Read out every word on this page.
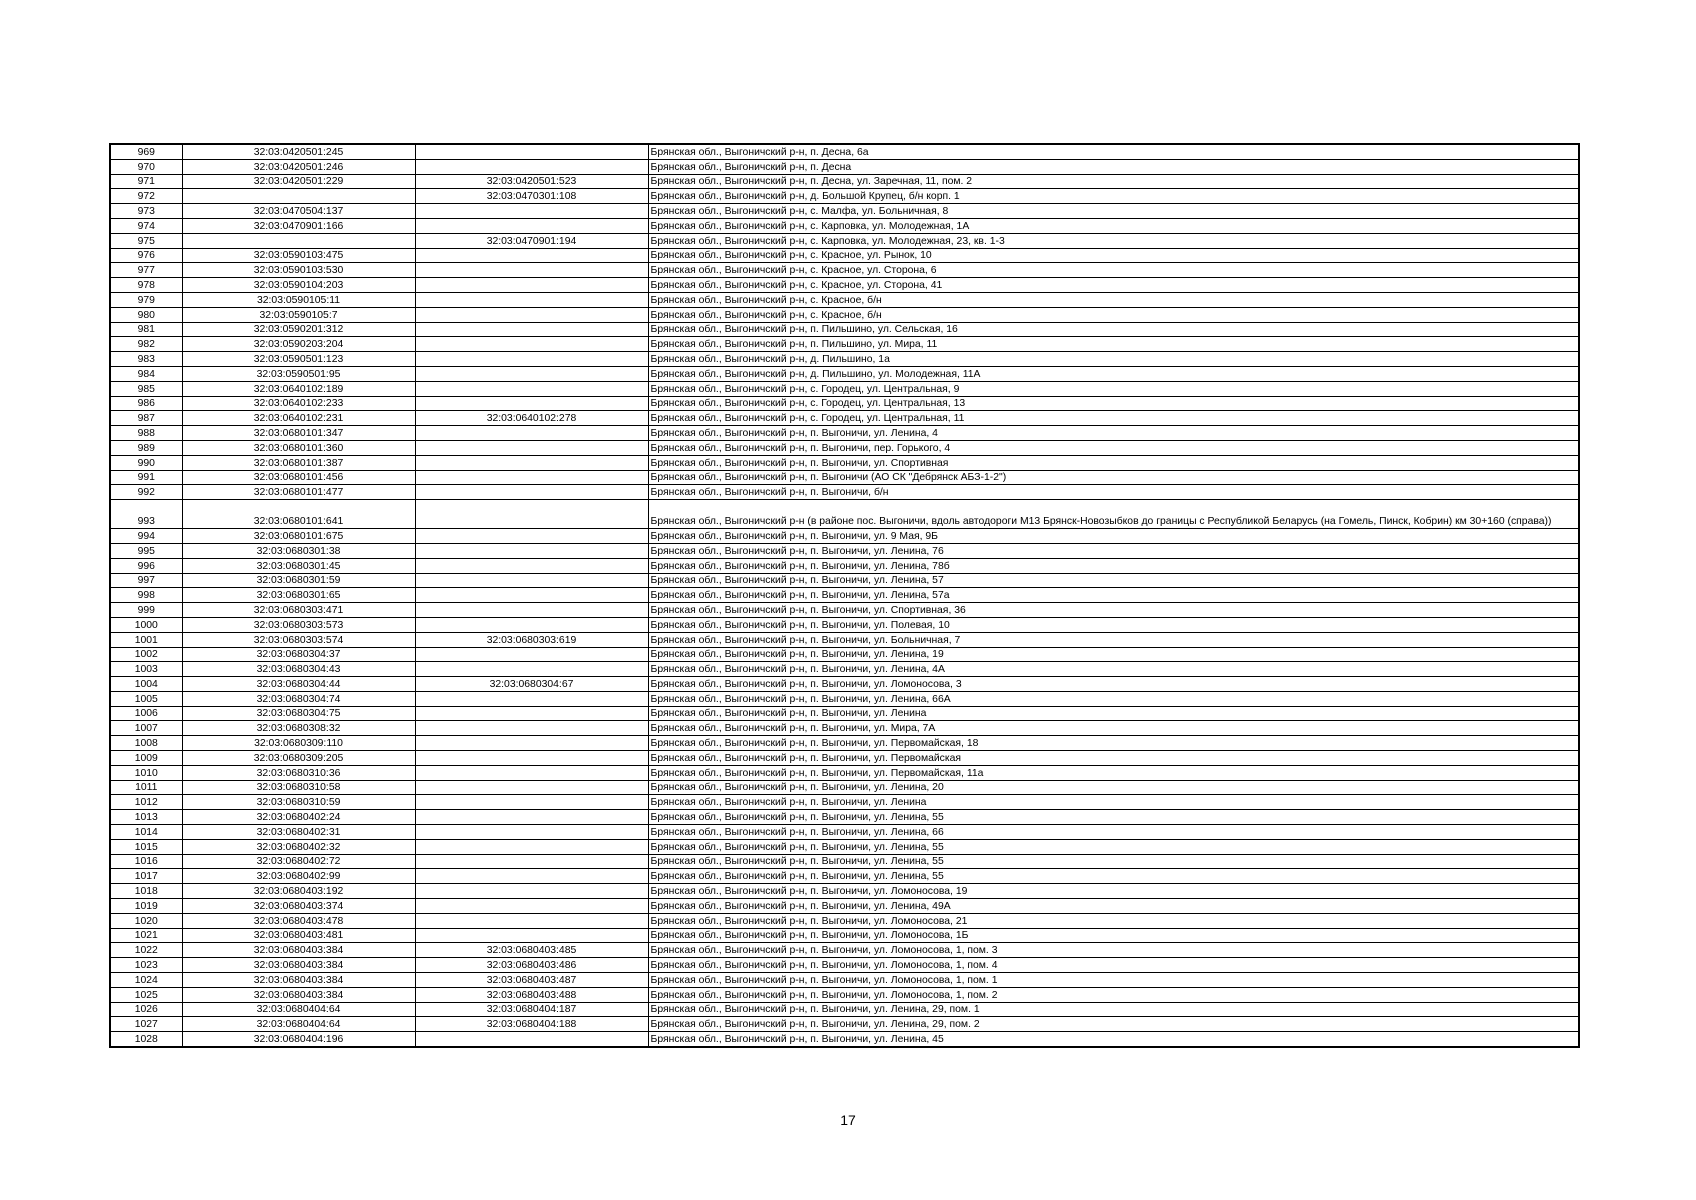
969	32:03:0420501:245		Брянская обл., Выгоничский р-н, п. Десна, 6а
970	32:03:0420501:246		Брянская обл., Выгоничский р-н, п. Десна
971	32:03:0420501:229	32:03:0420501:523	Брянская обл., Выгоничский р-н, п. Десна, ул. Заречная, 11, пом. 2
972		32:03:0470301:108	Брянская обл., Выгоничский р-н, д. Большой Крупец, б/н корп. 1
973	32:03:0470504:137		Брянская обл., Выгоничский р-н, с. Малфа, ул. Больничная, 8
974	32:03:0470901:166		Брянская обл., Выгоничский р-н, с. Карповка, ул. Молодежная, 1А
975		32:03:0470901:194	Брянская обл., Выгоничский р-н, с. Карповка, ул. Молодежная, 23, кв. 1-3
976	32:03:0590103:475		Брянская обл., Выгоничский р-н, с. Красное, ул. Рынок, 10
977	32:03:0590103:530		Брянская обл., Выгоничский р-н, с. Красное, ул. Сторона, 6
978	32:03:0590104:203		Брянская обл., Выгоничский р-н, с. Красное, ул. Сторона, 41
979	32:03:0590105:11		Брянская обл., Выгоничский р-н, с. Красное, б/н
980	32:03:0590105:7		Брянская обл., Выгоничский р-н, с. Красное, б/н
981	32:03:0590201:312		Брянская обл., Выгоничский р-н, п. Пильшино, ул. Сельская, 16
982	32:03:0590203:204		Брянская обл., Выгоничский р-н, п. Пильшино, ул. Мира, 11
983	32:03:0590501:123		Брянская обл., Выгоничский р-н, д. Пильшино, 1а
984	32:03:0590501:95		Брянская обл., Выгоничский р-н, д. Пильшино, ул. Молодежная, 11А
985	32:03:0640102:189		Брянская обл., Выгоничский р-н, с. Городец, ул. Центральная, 9
986	32:03:0640102:233		Брянская обл., Выгоничский р-н, с. Городец, ул. Центральная, 13
987	32:03:0640102:231	32:03:0640102:278	Брянская обл., Выгоничский р-н, с. Городец, ул. Центральная, 11
988	32:03:0680101:347		Брянская обл., Выгоничский р-н, п. Выгоничи, ул. Ленина, 4
989	32:03:0680101:360		Брянская обл., Выгоничский р-н, п. Выгоничи, пер. Горького, 4
990	32:03:0680101:387		Брянская обл., Выгоничский р-н, п. Выгоничи, ул. Спортивная
991	32:03:0680101:456		Брянская обл., Выгоничский р-н, п. Выгоничи (АО СК "Дебрянск АБЗ-1-2")
992	32:03:0680101:477		Брянская обл., Выгоничский р-н, п. Выгоничи, б/н
993	32:03:0680101:641		Брянская обл., Выгоничский р-н (в районе пос. Выгоничи, вдоль автодороги М13 Брянск-Новозыбков до границы с Республикой Беларусь (на Гомель, Пинск, Кобрин) км 30+160 (справа))
994	32:03:0680101:675		Брянская обл., Выгоничский р-н, п. Выгоничи, ул. 9 Мая, 9Б
995	32:03:0680301:38		Брянская обл., Выгоничский р-н, п. Выгоничи, ул. Ленина, 76
996	32:03:0680301:45		Брянская обл., Выгоничский р-н, п. Выгоничи, ул. Ленина, 78б
997	32:03:0680301:59		Брянская обл., Выгоничский р-н, п. Выгоничи, ул. Ленина, 57
998	32:03:0680301:65		Брянская обл., Выгоничский р-н, п. Выгоничи, ул. Ленина, 57а
999	32:03:0680303:471		Брянская обл., Выгоничский р-н, п. Выгоничи, ул. Спортивная, 36
1000	32:03:0680303:573		Брянская обл., Выгоничский р-н, п. Выгоничи, ул. Полевая, 10
1001	32:03:0680303:574	32:03:0680303:619	Брянская обл., Выгоничский р-н, п. Выгоничи, ул. Больничная, 7
1002	32:03:0680304:37		Брянская обл., Выгоничский р-н, п. Выгоничи, ул. Ленина, 19
1003	32:03:0680304:43		Брянская обл., Выгоничский р-н, п. Выгоничи, ул. Ленина, 4А
1004	32:03:0680304:44	32:03:0680304:67	Брянская обл., Выгоничский р-н, п. Выгоничи, ул. Ломоносова, 3
1005	32:03:0680304:74		Брянская обл., Выгоничский р-н, п. Выгоничи, ул. Ленина, 66А
1006	32:03:0680304:75		Брянская обл., Выгоничский р-н, п. Выгоничи, ул. Ленина
1007	32:03:0680308:32		Брянская обл., Выгоничский р-н, п. Выгоничи, ул. Мира, 7А
1008	32:03:0680309:110		Брянская обл., Выгоничский р-н, п. Выгоничи, ул. Первомайская, 18
1009	32:03:0680309:205		Брянская обл., Выгоничский р-н, п. Выгоничи, ул. Первомайская
1010	32:03:0680310:36		Брянская обл., Выгоничский р-н, п. Выгоничи, ул. Первомайская, 11а
1011	32:03:0680310:58		Брянская обл., Выгоничский р-н, п. Выгоничи, ул. Ленина, 20
1012	32:03:0680310:59		Брянская обл., Выгоничский р-н, п. Выгоничи, ул. Ленина
1013	32:03:0680402:24		Брянская обл., Выгоничский р-н, п. Выгоничи, ул. Ленина, 55
1014	32:03:0680402:31		Брянская обл., Выгоничский р-н, п. Выгоничи, ул. Ленина, 66
1015	32:03:0680402:32		Брянская обл., Выгоничский р-н, п. Выгоничи, ул. Ленина, 55
1016	32:03:0680402:72		Брянская обл., Выгоничский р-н, п. Выгоничи, ул. Ленина, 55
1017	32:03:0680402:99		Брянская обл., Выгоничский р-н, п. Выгоничи, ул. Ленина, 55
1018	32:03:0680403:192		Брянская обл., Выгоничский р-н, п. Выгоничи, ул. Ломоносова, 19
1019	32:03:0680403:374		Брянская обл., Выгоничский р-н, п. Выгоничи, ул. Ленина, 49А
1020	32:03:0680403:478		Брянская обл., Выгоничский р-н, п. Выгоничи, ул. Ломоносова, 21
1021	32:03:0680403:481		Брянская обл., Выгоничский р-н, п. Выгоничи, ул. Ломоносова, 1Б
1022	32:03:0680403:384	32:03:0680403:485	Брянская обл., Выгоничский р-н, п. Выгоничи, ул. Ломоносова, 1, пом. 3
1023	32:03:0680403:384	32:03:0680403:486	Брянская обл., Выгоничский р-н, п. Выгоничи, ул. Ломоносова, 1, пом. 4
1024	32:03:0680403:384	32:03:0680403:487	Брянская обл., Выгоничский р-н, п. Выгоничи, ул. Ломоносова, 1, пом. 1
1025	32:03:0680403:384	32:03:0680403:488	Брянская обл., Выгоничский р-н, п. Выгоничи, ул. Ломоносова, 1, пом. 2
1026	32:03:0680404:64	32:03:0680404:187	Брянская обл., Выгоничский р-н, п. Выгоничи, ул. Ленина, 29, пом. 1
1027	32:03:0680404:64	32:03:0680404:188	Брянская обл., Выгоничский р-н, п. Выгоничи, ул. Ленина, 29, пом. 2
1028	32:03:0680404:196		Брянская обл., Выгоничский р-н, п. Выгоничи, ул. Ленина, 45
17
